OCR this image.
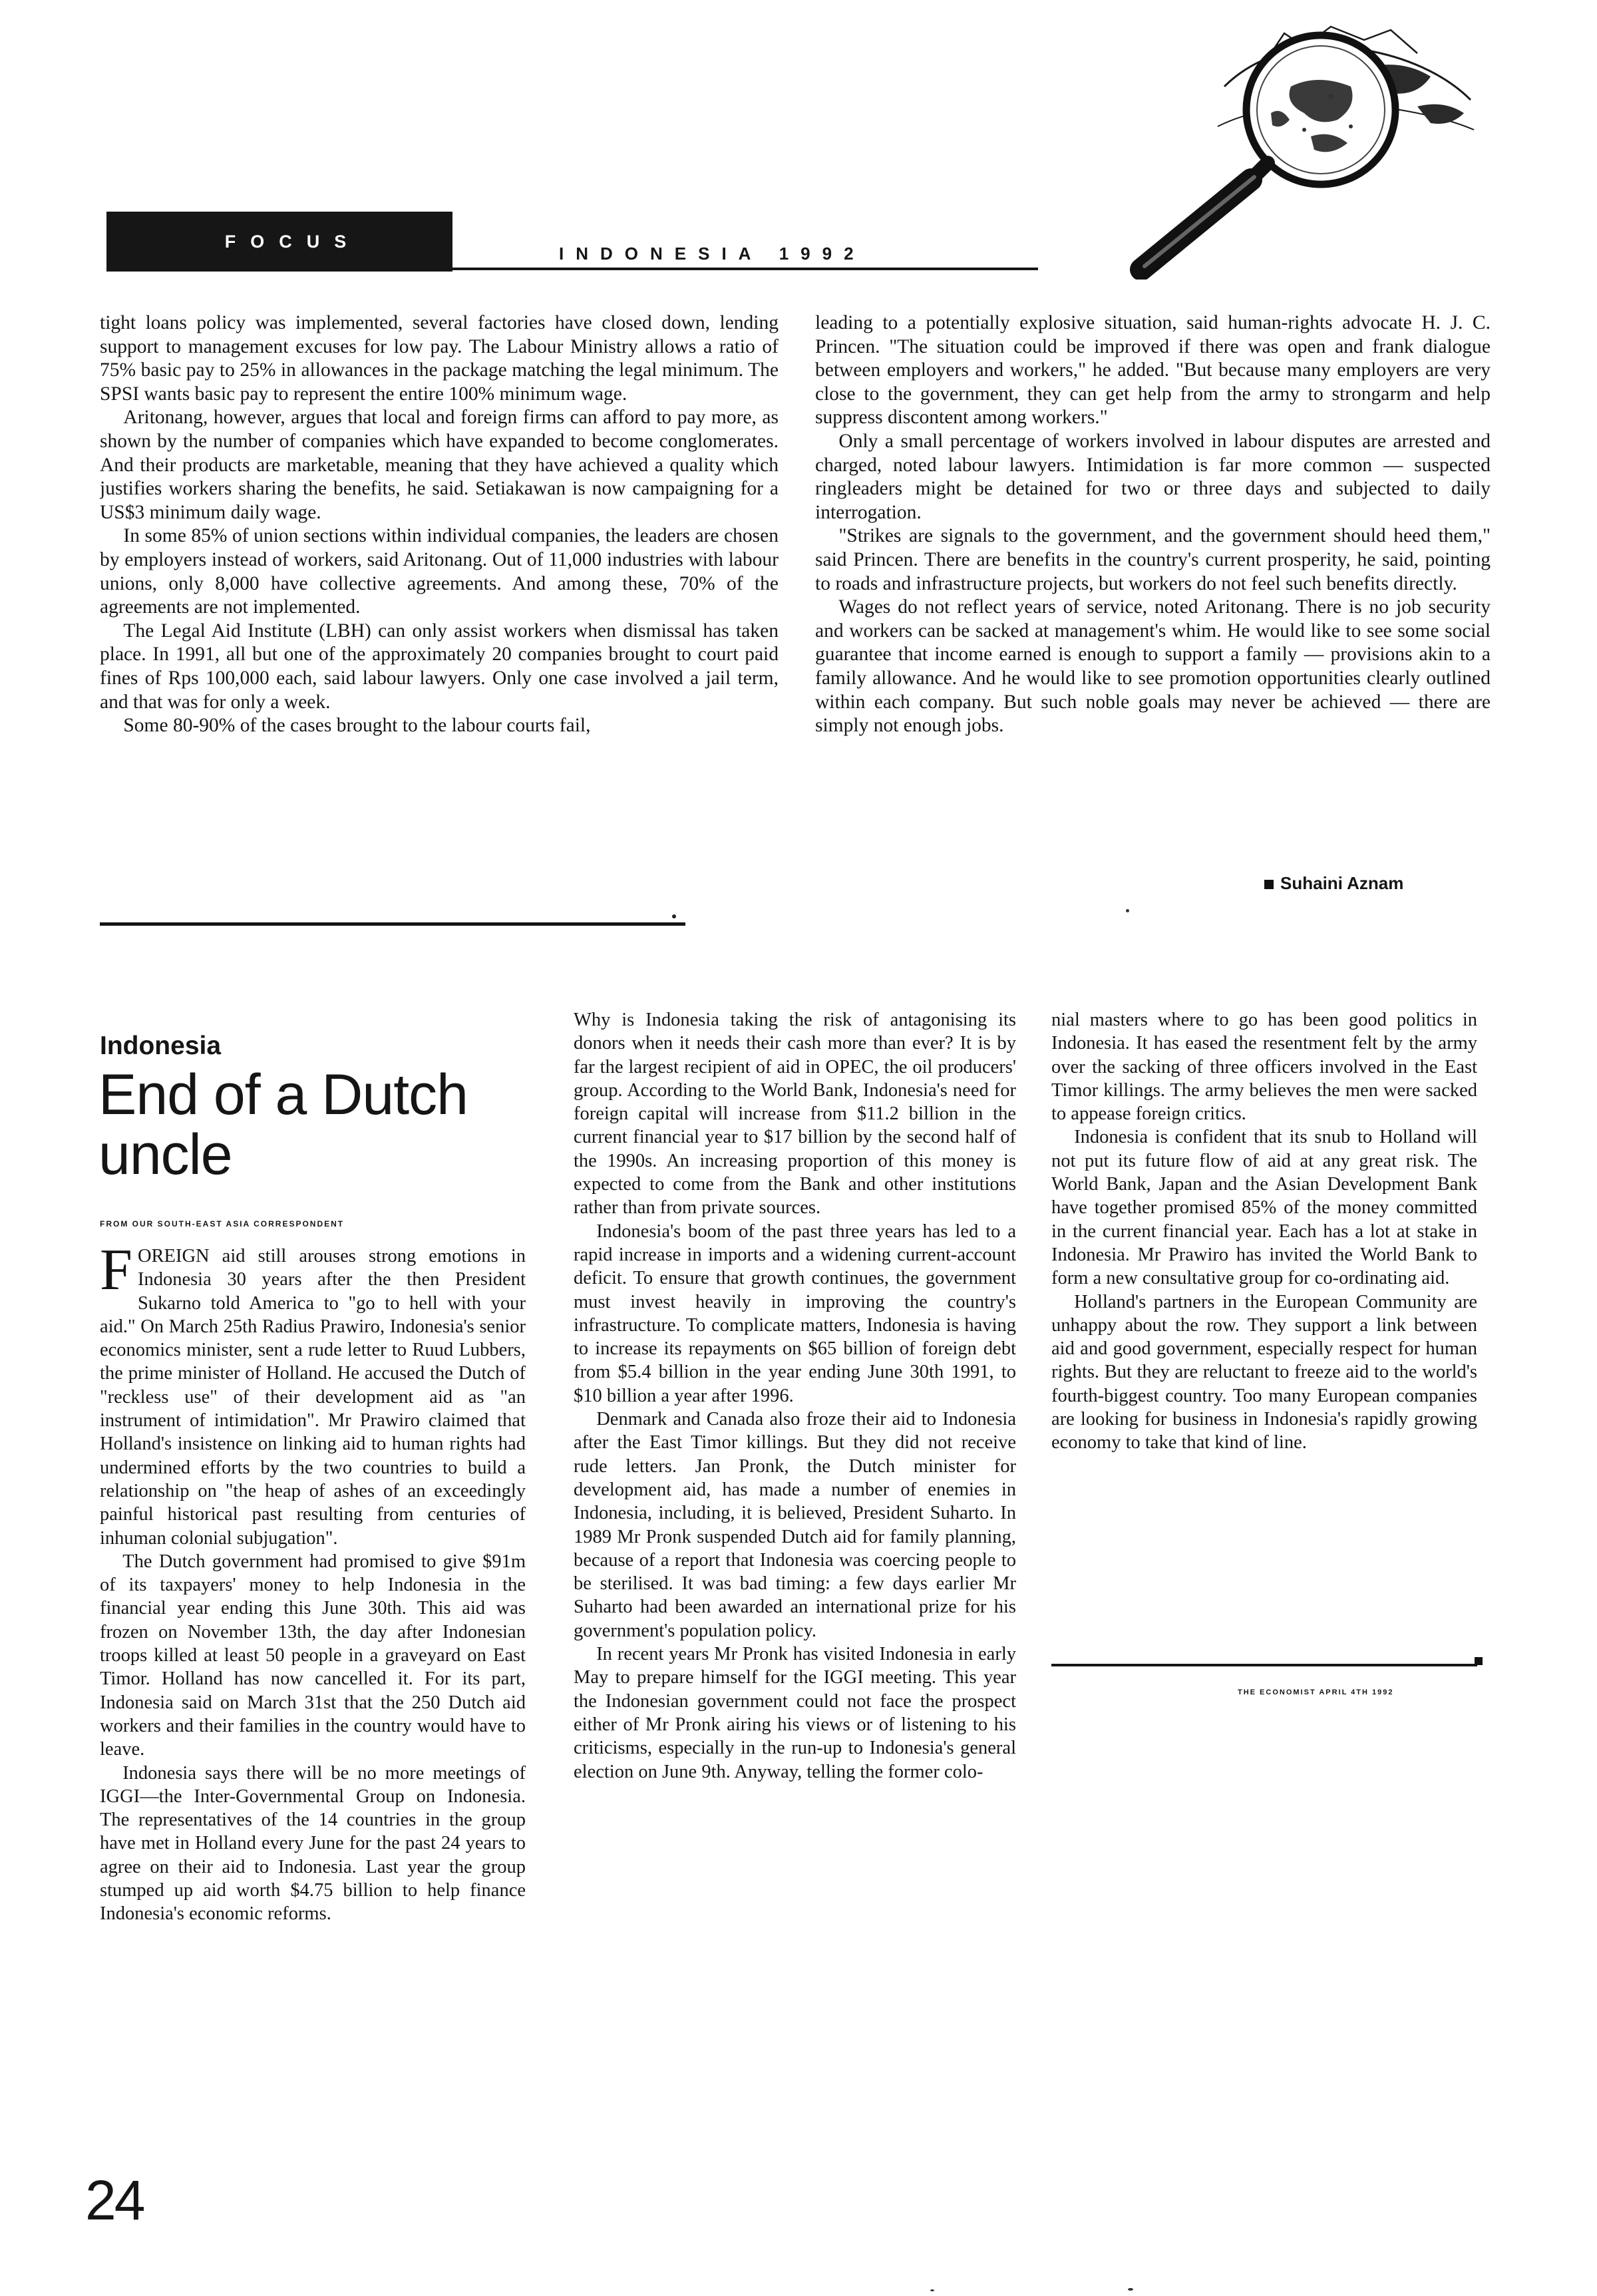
FOCUS
INDONESIA 1992

tight loans policy was implemented, several factories have closed down, lending support to management excuses for low pay. The Labour Ministry allows a ratio of 75% basic pay to 25% in allowances in the package matching the legal minimum. The SPSI wants basic pay to represent the entire 100% minimum wage.

Aritonang, however, argues that local and foreign firms can afford to pay more, as shown by the number of companies which have expanded to become conglomerates. And their products are marketable, meaning that they have achieved a quality which justifies workers sharing the benefits, he said. Setiakawan is now campaigning for a US$3 minimum daily wage.

In some 85% of union sections within individual companies, the leaders are chosen by employers instead of workers, said Aritonang. Out of 11,000 industries with labour unions, only 8,000 have collective agreements. And among these, 70% of the agreements are not implemented.

The Legal Aid Institute (LBH) can only assist workers when dismissal has taken place. In 1991, all but one of the approximately 20 companies brought to court paid fines of Rps 100,000 each, said labour lawyers. Only one case involved a jail term, and that was for only a week.

Some 80-90% of the cases brought to the labour courts fail,

leading to a potentially explosive situation, said human-rights advocate H. J. C. Princen. "The situation could be improved if there was open and frank dialogue between employers and workers," he added. "But because many employers are very close to the government, they can get help from the army to strongarm and help suppress discontent among workers."

Only a small percentage of workers involved in labour disputes are arrested and charged, noted labour lawyers. Intimidation is far more common — suspected ringleaders might be detained for two or three days and subjected to daily interrogation.

"Strikes are signals to the government, and the government should heed them," said Princen. There are benefits in the country's current prosperity, he said, pointing to roads and infrastructure projects, but workers do not feel such benefits directly.

Wages do not reflect years of service, noted Aritonang. There is no job security and workers can be sacked at management's whim. He would like to see some social guarantee that income earned is enough to support a family — provisions akin to a family allowance. And he would like to see promotion opportunities clearly outlined within each company. But such noble goals may never be achieved — there are simply not enough jobs.

Suhaini Aznam
Indonesia
End of a Dutch uncle
FROM OUR SOUTH-EAST ASIA CORRESPONDENT

FOREIGN aid still arouses strong emotions in Indonesia 30 years after the then President Sukarno told America to "go to hell with your aid." On March 25th Radius Prawiro, Indonesia's senior economics minister, sent a rude letter to Ruud Lubbers, the prime minister of Holland. He accused the Dutch of "reckless use" of their development aid as "an instrument of intimidation". Mr Prawiro claimed that Holland's insistence on linking aid to human rights had undermined efforts by the two countries to build a relationship on "the heap of ashes of an exceedingly painful historical past resulting from centuries of inhuman colonial subjugation".

The Dutch government had promised to give $91m of its taxpayers' money to help Indonesia in the financial year ending this June 30th. This aid was frozen on November 13th, the day after Indonesian troops killed at least 50 people in a graveyard on East Timor. Holland has now cancelled it. For its part, Indonesia said on March 31st that the 250 Dutch aid workers and their families in the country would have to leave.

Indonesia says there will be no more meetings of IGGI—the Inter-Governmental Group on Indonesia. The representatives of the 14 countries in the group have met in Holland every June for the past 24 years to agree on their aid to Indonesia. Last year the group stumped up aid worth $4.75 billion to help finance Indonesia's economic reforms.

Why is Indonesia taking the risk of antagonising its donors when it needs their cash more than ever? It is by far the largest recipient of aid in OPEC, the oil producers' group. According to the World Bank, Indonesia's need for foreign capital will increase from $11.2 billion in the current financial year to $17 billion by the second half of the 1990s. An increasing proportion of this money is expected to come from the Bank and other institutions rather than from private sources.

Indonesia's boom of the past three years has led to a rapid increase in imports and a widening current-account deficit. To ensure that growth continues, the government must invest heavily in improving the country's infrastructure. To complicate matters, Indonesia is having to increase its repayments on $65 billion of foreign debt from $5.4 billion in the year ending June 30th 1991, to $10 billion a year after 1996.

Denmark and Canada also froze their aid to Indonesia after the East Timor killings. But they did not receive rude letters. Jan Pronk, the Dutch minister for development aid, has made a number of enemies in Indonesia, including, it is believed, President Suharto. In 1989 Mr Pronk suspended Dutch aid for family planning, because of a report that Indonesia was coercing people to be sterilised. It was bad timing: a few days earlier Mr Suharto had been awarded an international prize for his government's population policy.

In recent years Mr Pronk has visited Indonesia in early May to prepare himself for the IGGI meeting. This year the Indonesian government could not face the prospect either of Mr Pronk airing his views or of listening to his criticisms, especially in the run-up to Indonesia's general election on June 9th. Anyway, telling the former colo-

nial masters where to go has been good politics in Indonesia. It has eased the resentment felt by the army over the sacking of three officers involved in the East Timor killings. The army believes the men were sacked to appease foreign critics.

Indonesia is confident that its snub to Holland will not put its future flow of aid at any great risk. The World Bank, Japan and the Asian Development Bank have together promised 85% of the money committed in the current financial year. Each has a lot at stake in Indonesia. Mr Prawiro has invited the World Bank to form a new consultative group for co-ordinating aid.

Holland's partners in the European Community are unhappy about the row. They support a link between aid and good government, especially respect for human rights. But they are reluctant to freeze aid to the world's fourth-biggest country. Too many European companies are looking for business in Indonesia's rapidly growing economy to take that kind of line.

THE ECONOMIST APRIL 4TH 1992
24
